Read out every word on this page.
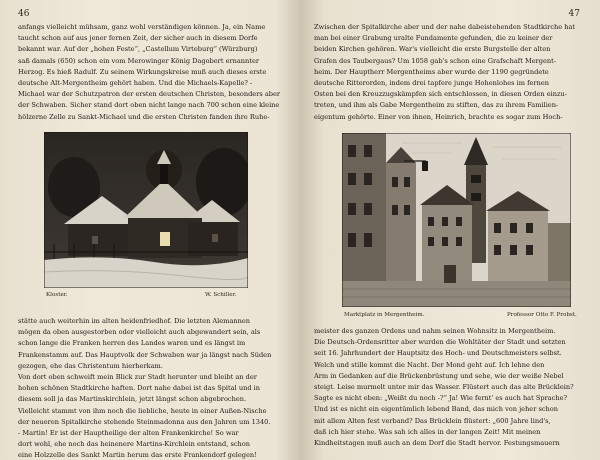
46

anfangs vielleicht mühsam, ganz wohl verständigen können. Ja, ein Name

taucht schon auf aus jener fernen Zeit, der sicher auch in diesem Dorfe

bekannt war. Auf der „hohen Feste“, „Castellum Virteburg“ (Würzburg)

saß damals (650) schon ein vom Merowinger König Dagobert ernannter

Herzog. Es hieß Radulf. Zu seinem Wirkungskreise muß auch dieses erste

deutsche Alt-Mergentheim gehört haben. Und die Michaels-Kapelle? -

Michael war der Schutzpatron der ersten deutschen Christen, besonders aber

der Schwaben. Sicher stand dort oben nicht lange nach 700 schon eine kleine

hölzerne Zelle zu Sankt-Michael und die ersten Christen fanden ihre Ruhe-

Kloster.	W. Schiller.

stätte auch weiterhin im alten heidenfriedhof. Die letzten Alemannen

mögen da oben ausgestorben oder vielleicht auch abgewandert sein, als

schon lange die Franken herren des Landes waren und es längst im

Frankenstamm auf. Das Hauptvolk der Schwaben war ja längst nach Süden

gezogen, ehe das Christentum hierherkam.

Von dort oben schweift mein Blick zur Stadt herunter und bleibt an der

hohen schönen Stadtkirche haften. Dort nahe dabei ist das Spital und in

diesem soll ja das Martinskirchlein, jetzt längst schon abgebrochen.

Vielleicht stammt von ihm noch die liebliche, heute in einer Außen-Nische

der neueren Spitalkirche stehende Steinmadonna aus den Jahren um 1340.

- Martin! Er ist der Hauptheilige der alten Frankenkirche! So war

dort wohl, ehe noch das heinenere Martins-Kirchlein entstand, schon

eine Holzzelle des Sankt Martin herum das erste Frankendorf gelegen!

47

Zwischen der Spitalkirche aber und der nahe dabeistehenden Stadtkirche hat

man bei einer Grabung uralte Fundamente gefunden, die zu keiner der

beiden Kirchen gehören. War's vielleicht die erste Burgstelle der alten

Grafen des Taubergaus? Um 1058 gab's schon eine Grafschaft Mergent-

heim. Der Hauptherr Mergentheims aber wurde der 1190 gegründete

deutsche Ritterorden, indem drei tapfere junge Hohenlohes im fernen

Osten bei den Kreuzzugskämpfen sich entschlossen, in diesen Orden einzu-

treten, und ihm als Gabe Mergentheim zu stiften, das zu ihrem Familien-

eigentum gehörte. Einer von ihnen, Heinrich, brachte es sogar zum Hoch-

Marktplatz in Mergentheim.	Professor Otto F. Probst.

meister des ganzen Ordens und nahm seinen Wohnsitz in Mergentheim.

Die Deutsch-Ordensritter aber wurden die Wohltäter der Stadt und setzten

seit 16. Jahrhundert der Hauptsitz des Hoch- und Deutschmeisters selbst.

Welch und stille kommt die Nacht. Der Mond geht auf. Ich lehne den

Arm in Gedanken auf die Brückenbrüstung und sehe, wie der weiße Nebel

steigt. Leise murmelt unter mir das Wasser. Flüstert auch das alte Brücklein?

Sagte es nicht eben: „Weißt du noch -?“ Ja! Wie fernt' es auch hat Sprache?

Und ist es nicht ein eigentümlich lebend Band, das mich von jeher schon

mit allem Alten fest verband? Das Brücklein flüstert: „600 Jahre lind's,

daß ich hier stehe. Was sah ich alles in der langen Zeit! Mit meinen

Kindheitstagen muß auch an dem Dorf die Stadt hervor. Festungsmauern
